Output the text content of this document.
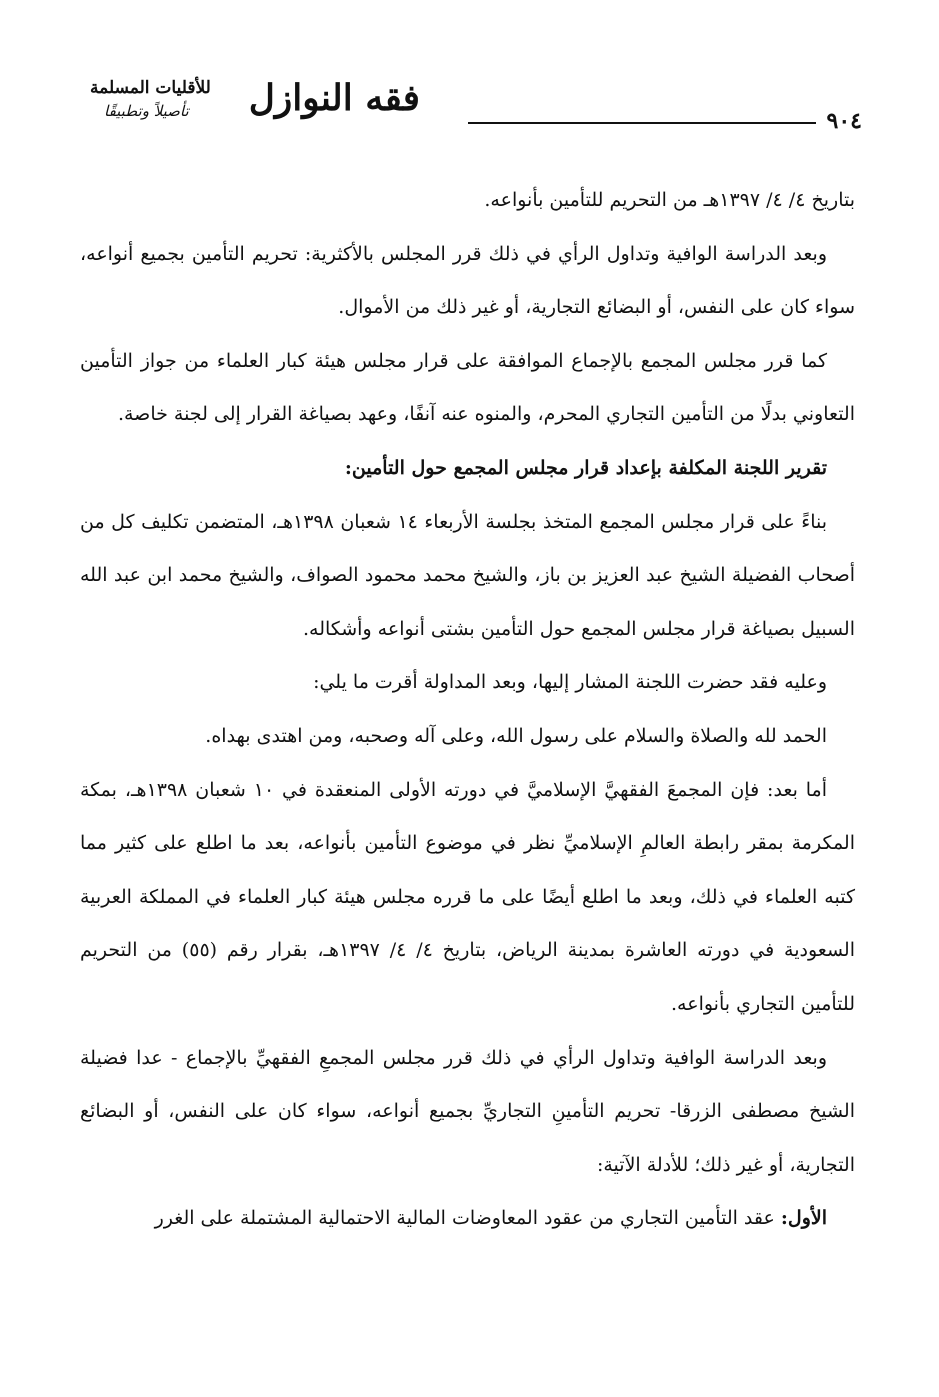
٩٠٤
فقه النوازل
للأقليات المسلمة
تأصيلاً وتطبيقًا

بتاريخ ٤/ ٤/ ١٣٩٧هـ من التحريم للتأمين بأنواعه.

وبعد الدراسة الوافية وتداول الرأي في ذلك قرر المجلس بالأكثرية: تحريم التأمين بجميع أنواعه، سواء كان على النفس، أو البضائع التجارية، أو غير ذلك من الأموال.

كما قرر مجلس المجمع بالإجماع الموافقة على قرار مجلس هيئة كبار العلماء من جواز التأمين التعاوني بدلًا من التأمين التجاري المحرم، والمنوه عنه آنفًا، وعهد بصياغة القرار إلى لجنة خاصة.

تقرير اللجنة المكلفة بإعداد قرار مجلس المجمع حول التأمين:

بناءً على قرار مجلس المجمع المتخذ بجلسة الأربعاء ١٤ شعبان ١٣٩٨هـ، المتضمن تكليف كل من أصحاب الفضيلة الشيخ عبد العزيز بن باز، والشيخ محمد محمود الصواف، والشيخ محمد ابن عبد الله السبيل بصياغة قرار مجلس المجمع حول التأمين بشتى أنواعه وأشكاله.

وعليه فقد حضرت اللجنة المشار إليها، وبعد المداولة أقرت ما يلي:

الحمد لله والصلاة والسلام على رسول الله، وعلى آله وصحبه، ومن اهتدى بهداه.

أما بعد: فإن المجمعَ الفقهيَّ الإسلاميَّ في دورته الأولى المنعقدة في ١٠ شعبان ١٣٩٨هـ، بمكة المكرمة بمقر رابطة العالمِ الإسلاميِّ نظر في موضوع التأمين بأنواعه، بعد ما اطلع على كثير مما كتبه العلماء في ذلك، وبعد ما اطلع أيضًا على ما قرره مجلس هيئة كبار العلماء في المملكة العربية السعودية في دورته العاشرة بمدينة الرياض، بتاريخ ٤/ ٤/ ١٣٩٧هـ، بقرار رقم (٥٥) من التحريم للتأمين التجاري بأنواعه.

وبعد الدراسة الوافية وتداول الرأي في ذلك قرر مجلس المجمعِ الفقهيِّ بالإجماع - عدا فضيلة الشيخ مصطفى الزرقا- تحريم التأمينِ التجاريِّ بجميع أنواعه، سواء كان على النفس، أو البضائع التجارية، أو غير ذلك؛ للأدلة الآتية:

الأول: عقد التأمين التجاري من عقود المعاوضات المالية الاحتمالية المشتملة على الغرر
